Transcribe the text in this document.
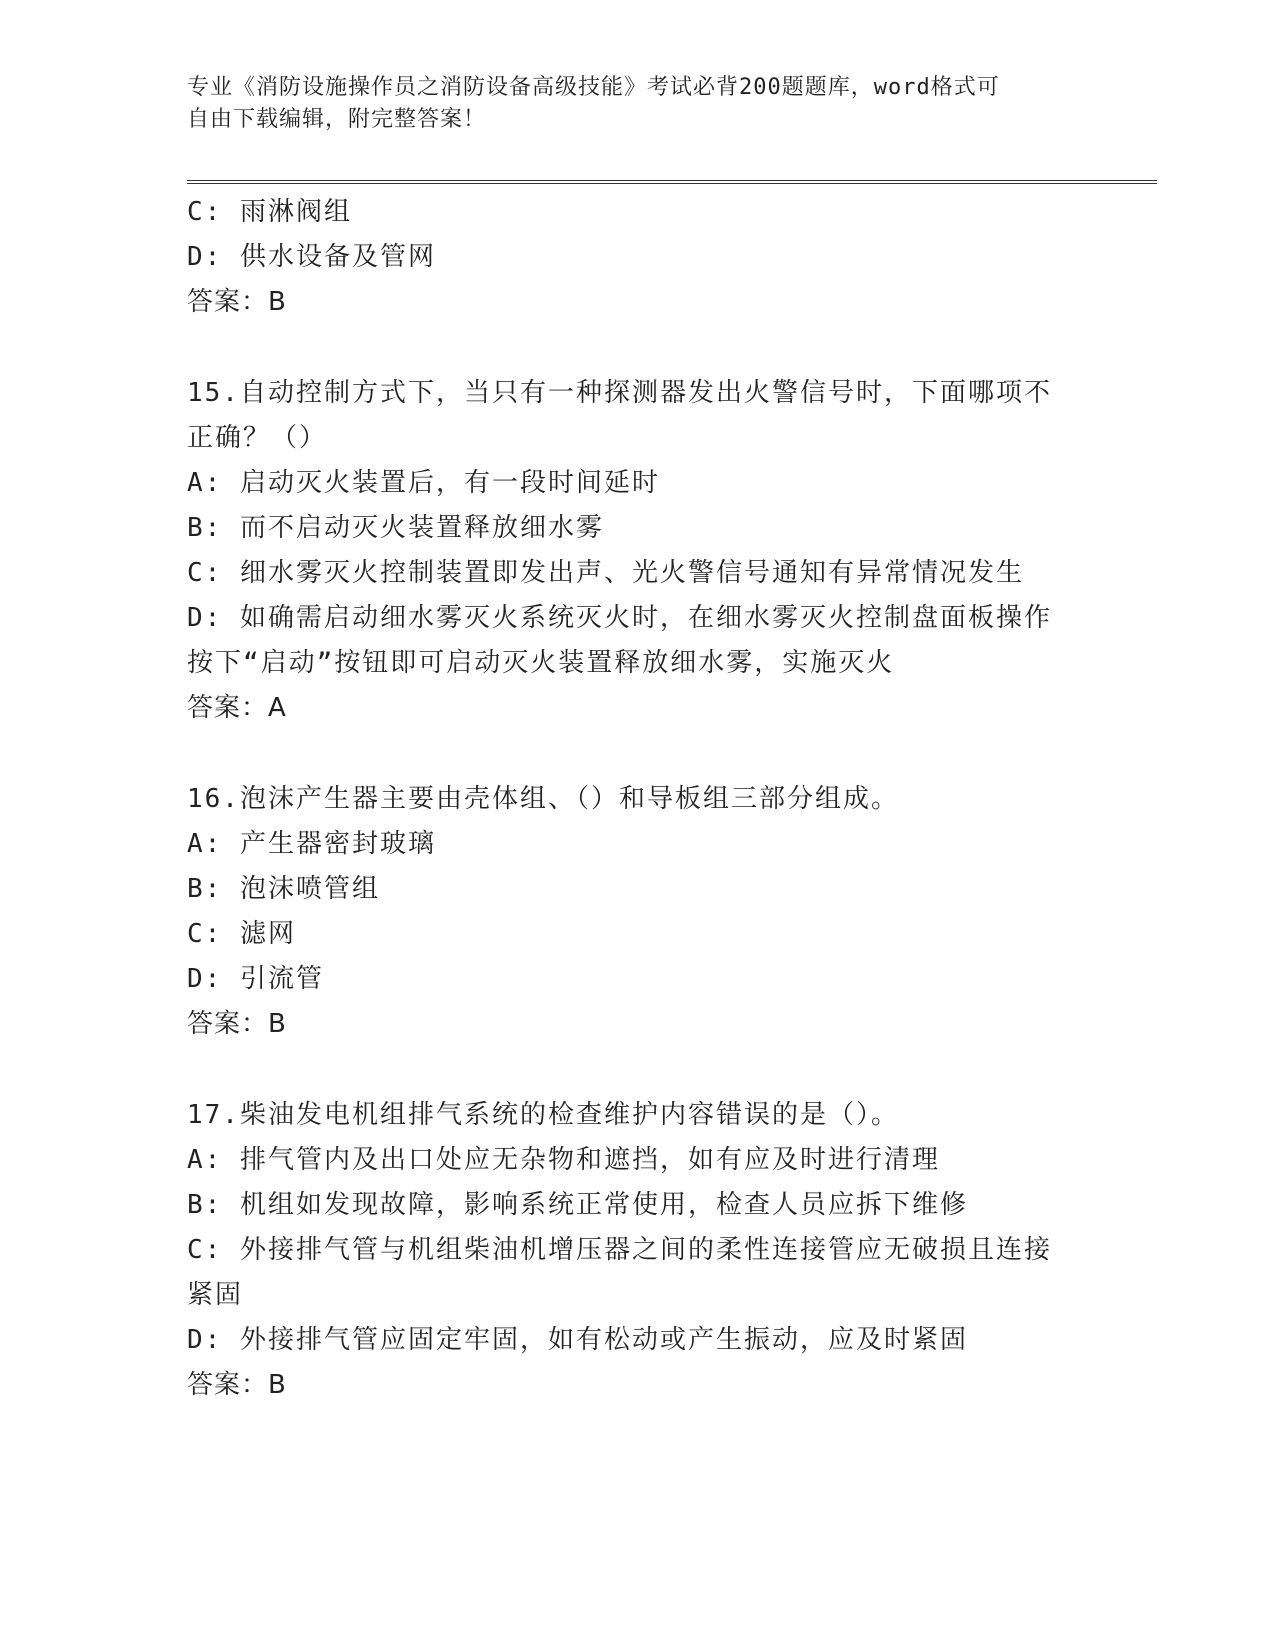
专业《消防设施操作员之消防设备高级技能》考试必背200题题库，word格式可
自由下载编辑，附完整答案！
C: 雨淋阀组
D: 供水设备及管网
答案：B
15.自动控制方式下，当只有一种探测器发出火警信号时，下面哪项不
正确？（）
A: 启动灭火装置后，有一段时间延时
B: 而不启动灭火装置释放细水雾
C: 细水雾灭火控制装置即发出声、光火警信号通知有异常情况发生
D: 如确需启动细水雾灭火系统灭火时，在细水雾灭火控制盘面板操作
按下“启动”按钮即可启动灭火装置释放细水雾，实施灭火
答案：A
16.泡沫产生器主要由壳体组、（）和导板组三部分组成。
A: 产生器密封玻璃
B: 泡沫喷管组
C: 滤网
D: 引流管
答案：B
17.柴油发电机组排气系统的检查维护内容错误的是（）。
A: 排气管内及出口处应无杂物和遮挡，如有应及时进行清理
B: 机组如发现故障，影响系统正常使用，检查人员应拆下维修
C: 外接排气管与机组柴油机增压器之间的柔性连接管应无破损且连接
紧固
D: 外接排气管应固定牢固，如有松动或产生振动，应及时紧固
答案：B
